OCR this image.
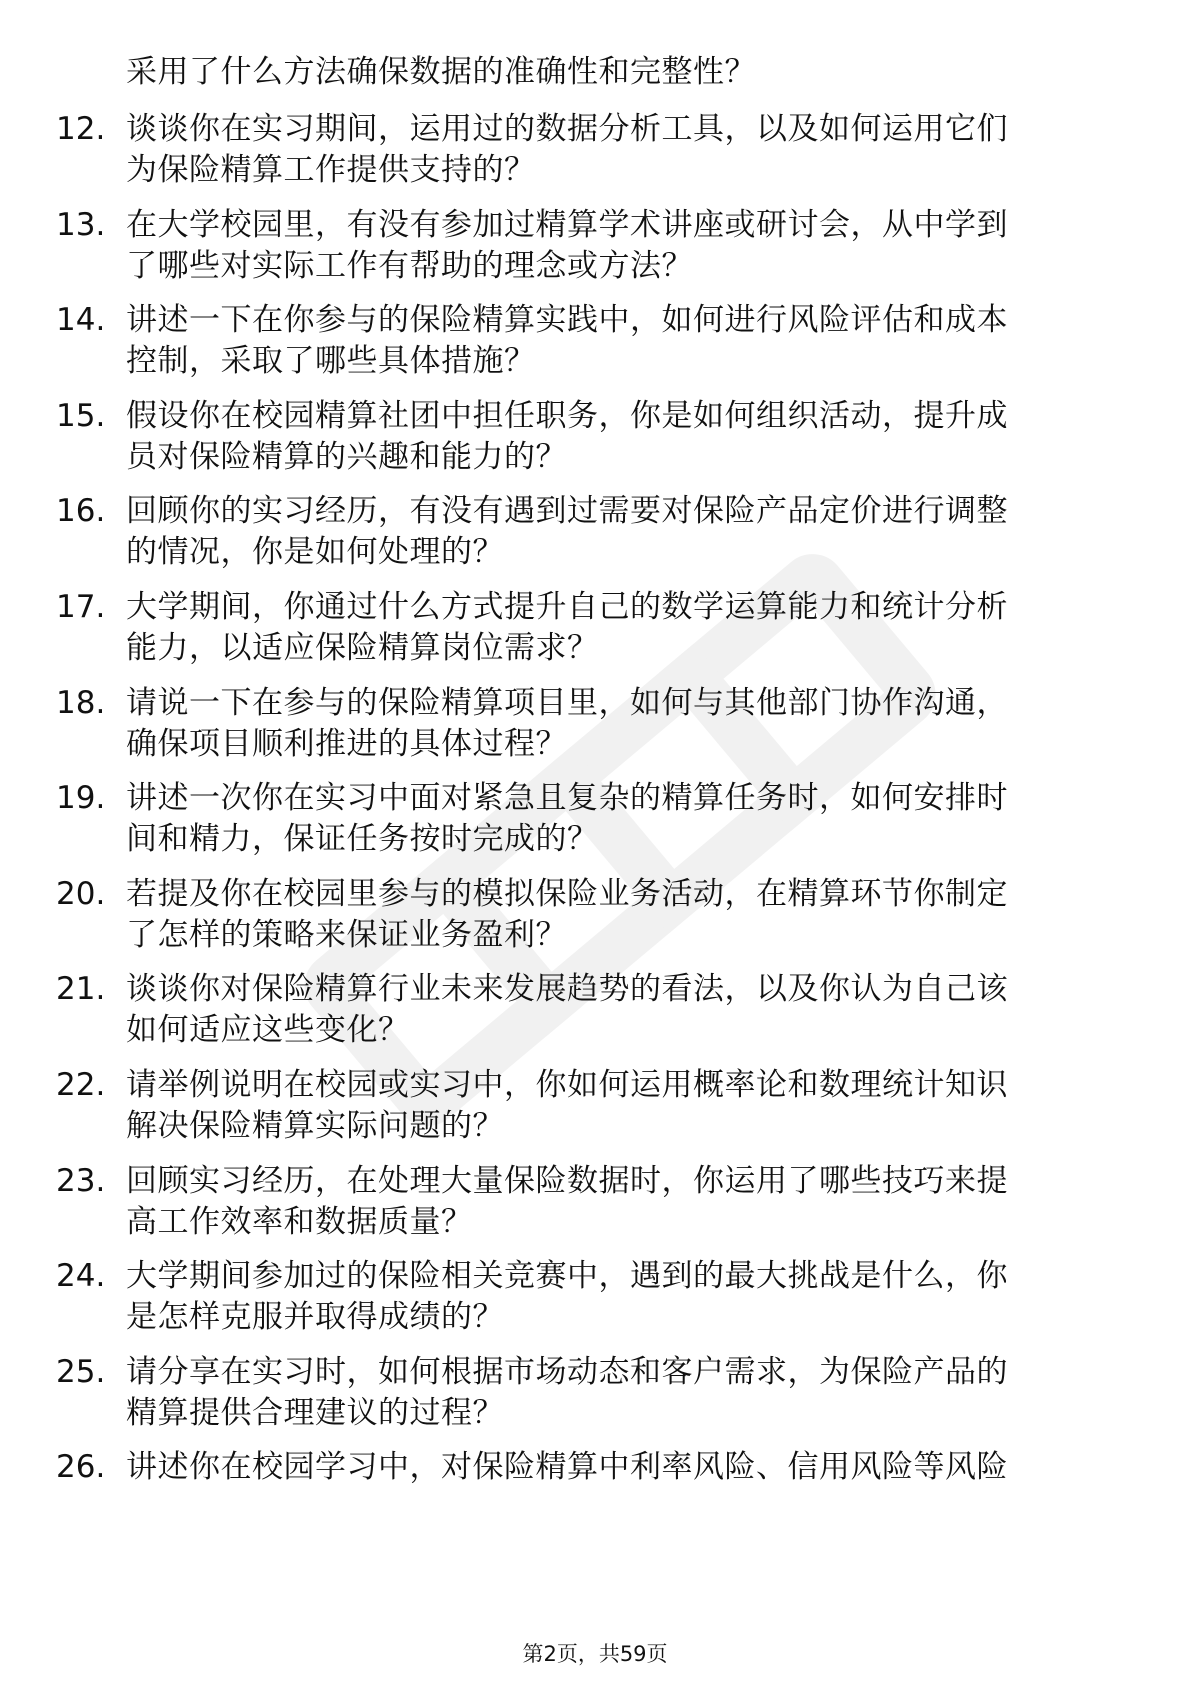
采用了什么方法确保数据的准确性和完整性？
12. 谈谈你在实习期间，运用过的数据分析工具，以及如何运用它们
为保险精算工作提供支持的？
13. 在大学校园里，有没有参加过精算学术讲座或研讨会，从中学到
了哪些对实际工作有帮助的理念或方法？
14. 讲述一下在你参与的保险精算实践中，如何进行风险评估和成本
控制，采取了哪些具体措施？
15. 假设你在校园精算社团中担任职务，你是如何组织活动，提升成
员对保险精算的兴趣和能力的？
16. 回顾你的实习经历，有没有遇到过需要对保险产品定价进行调整
的情况，你是如何处理的？
17. 大学期间，你通过什么方式提升自己的数学运算能力和统计分析
能力，以适应保险精算岗位需求？
18. 请说一下在参与的保险精算项目里，如何与其他部门协作沟通，
确保项目顺利推进的具体过程？
19. 讲述一次你在实习中面对紧急且复杂的精算任务时，如何安排时
间和精力，保证任务按时完成的？
20. 若提及你在校园里参与的模拟保险业务活动，在精算环节你制定
了怎样的策略来保证业务盈利？
21. 谈谈你对保险精算行业未来发展趋势的看法，以及你认为自己该
如何适应这些变化？
22. 请举例说明在校园或实习中，你如何运用概率论和数理统计知识
解决保险精算实际问题的？
23. 回顾实习经历，在处理大量保险数据时，你运用了哪些技巧来提
高工作效率和数据质量？
24. 大学期间参加过的保险相关竞赛中，遇到的最大挑战是什么，你
是怎样克服并取得成绩的？
25. 请分享在实习时，如何根据市场动态和客户需求，为保险产品的
精算提供合理建议的过程？
26. 讲述你在校园学习中，对保险精算中利率风险、信用风险等风险
第2页，共59页
